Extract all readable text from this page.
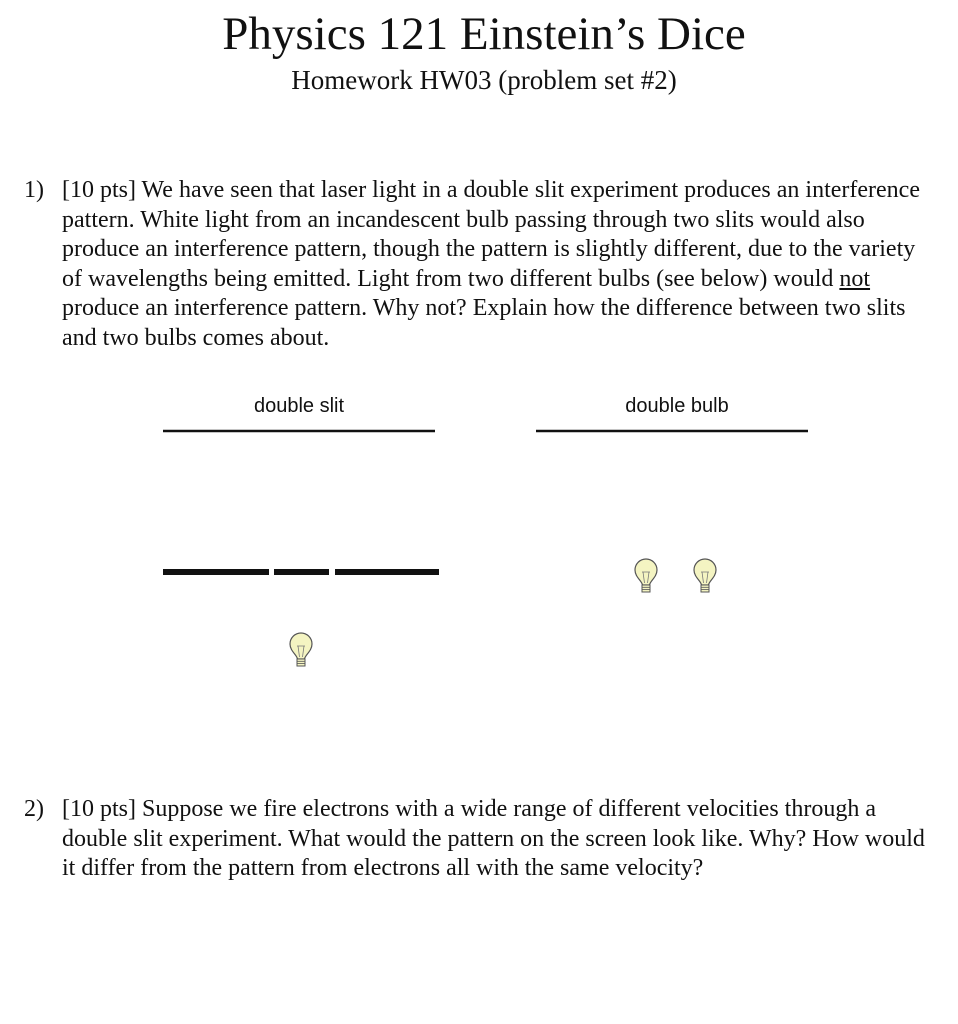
Physics 121 Einstein’s Dice
Homework HW03 (problem set #2)
1) [10 pts] We have seen that laser light in a double slit experiment produces an interference pattern. White light from an incandescent bulb passing through two slits would also produce an interference pattern, though the pattern is slightly different, due to the variety of wavelengths being emitted. Light from two different bulbs (see below) would not produce an interference pattern. Why not? Explain how the difference between two slits and two bulbs comes about.
double slit	double bulb
2) [10 pts] Suppose we fire electrons with a wide range of different velocities through a double slit experiment. What would the pattern on the screen look like. Why? How would it differ from the pattern from electrons all with the same velocity?
